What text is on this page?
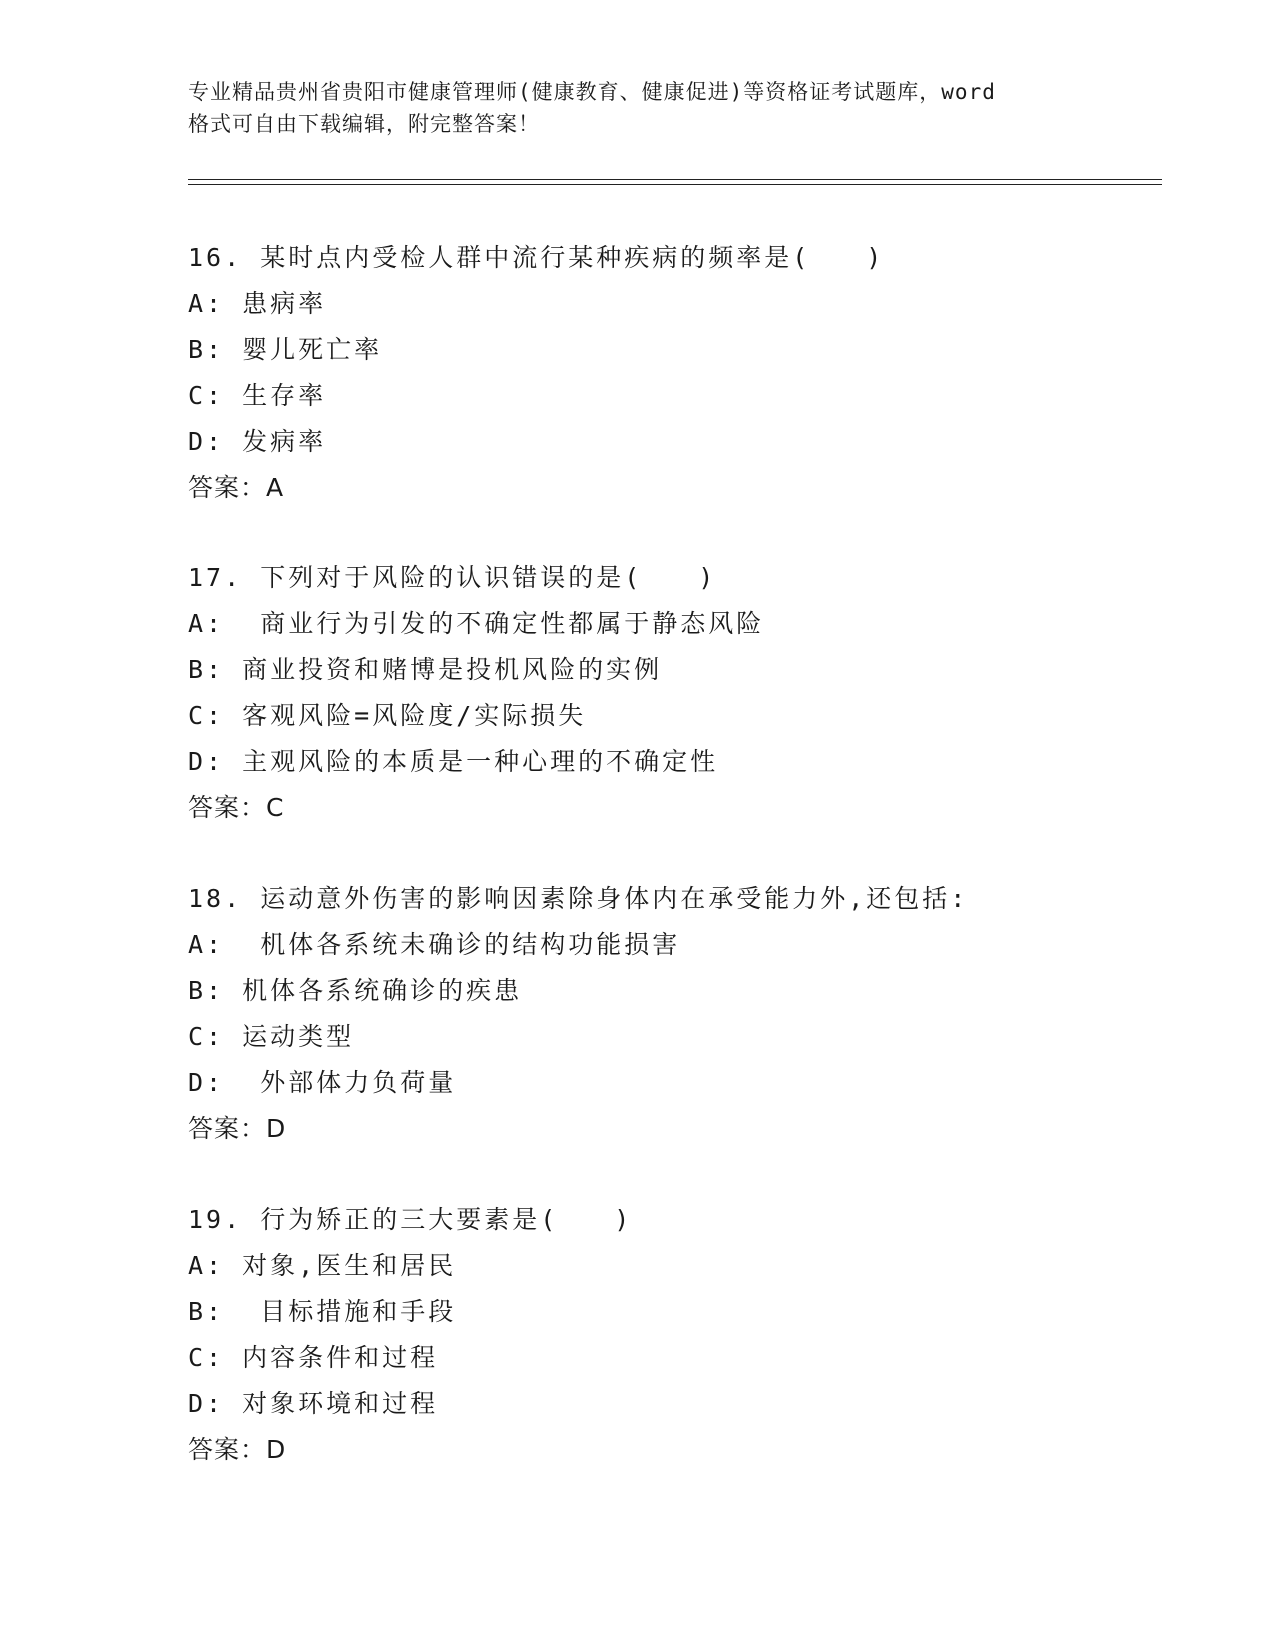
专业精品贵州省贵阳市健康管理师(健康教育、健康促进)等资格证考试题库，word
格式可自由下载编辑，附完整答案！
16. 某时点内受检人群中流行某种疾病的频率是(　　)
A: 患病率
B: 婴儿死亡率
C: 生存率
D: 发病率
答案：A
17. 下列对于风险的认识错误的是(　　)
A:  商业行为引发的不确定性都属于静态风险
B: 商业投资和赌博是投机风险的实例
C: 客观风险=风险度/实际损失
D: 主观风险的本质是一种心理的不确定性
答案：C
18. 运动意外伤害的影响因素除身体内在承受能力外,还包括:
A:  机体各系统未确诊的结构功能损害
B: 机体各系统确诊的疾患
C: 运动类型
D:  外部体力负荷量
答案：D
19. 行为矫正的三大要素是(　　)
A: 对象,医生和居民
B:  目标措施和手段
C: 内容条件和过程
D: 对象环境和过程
答案：D
